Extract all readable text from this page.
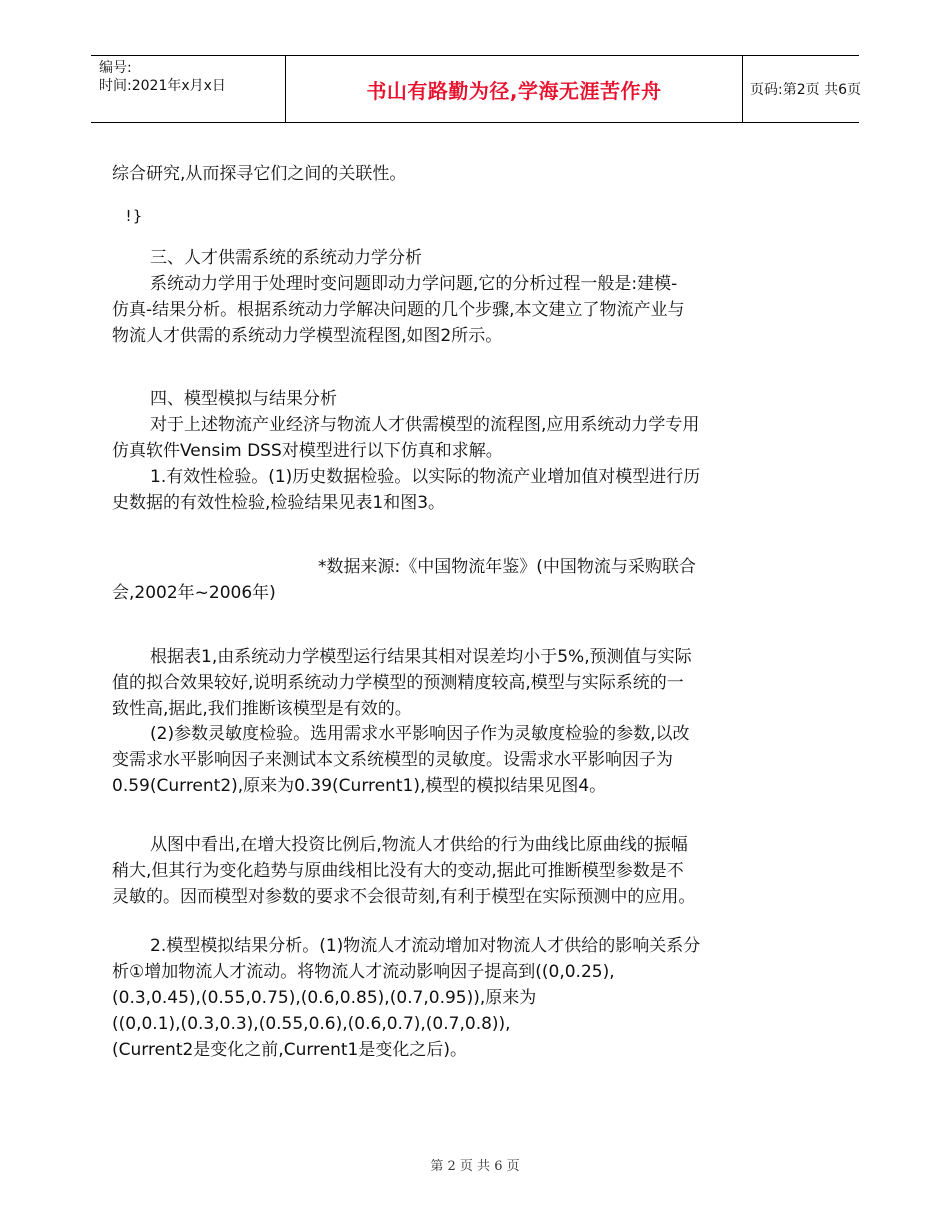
编号:
时间:2021年x月x日	书山有路勤为径,学海无涯苦作舟	页码:第2页 共6页
综合研究,从而探寻它们之间的关联性。
!}
三、人才供需系统的系统动力学分析
系统动力学用于处理时变问题即动力学问题,它的分析过程一般是:建模-
仿真-结果分析。根据系统动力学解决问题的几个步骤,本文建立了物流产业与
物流人才供需的系统动力学模型流程图,如图2所示。
四、模型模拟与结果分析
对于上述物流产业经济与物流人才供需模型的流程图,应用系统动力学专用
仿真软件Vensim DSS对模型进行以下仿真和求解。
1.有效性检验。(1)历史数据检验。以实际的物流产业增加值对模型进行历
史数据的有效性检验,检验结果见表1和图3。
*数据来源:《中国物流年鉴》(中国物流与采购联合
会,2002年~2006年)
根据表1,由系统动力学模型运行结果其相对误差均小于5%,预测值与实际
值的拟合效果较好,说明系统动力学模型的预测精度较高,模型与实际系统的一
致性高,据此,我们推断该模型是有效的。
(2)参数灵敏度检验。选用需求水平影响因子作为灵敏度检验的参数,以改
变需求水平影响因子来测试本文系统模型的灵敏度。设需求水平影响因子为
0.59(Current2),原来为0.39(Current1),模型的模拟结果见图4。
从图中看出,在增大投资比例后,物流人才供给的行为曲线比原曲线的振幅
稍大,但其行为变化趋势与原曲线相比没有大的变动,据此可推断模型参数是不
灵敏的。因而模型对参数的要求不会很苛刻,有利于模型在实际预测中的应用。
2.模型模拟结果分析。(1)物流人才流动增加对物流人才供给的影响关系分
析①增加物流人才流动。将物流人才流动影响因子提高到((0,0.25),
(0.3,0.45),(0.55,0.75),(0.6,0.85),(0.7,0.95)),原来为
((0,0.1),(0.3,0.3),(0.55,0.6),(0.6,0.7),(0.7,0.8)),
(Current2是变化之前,Current1是变化之后)。
第 2 页 共 6 页
